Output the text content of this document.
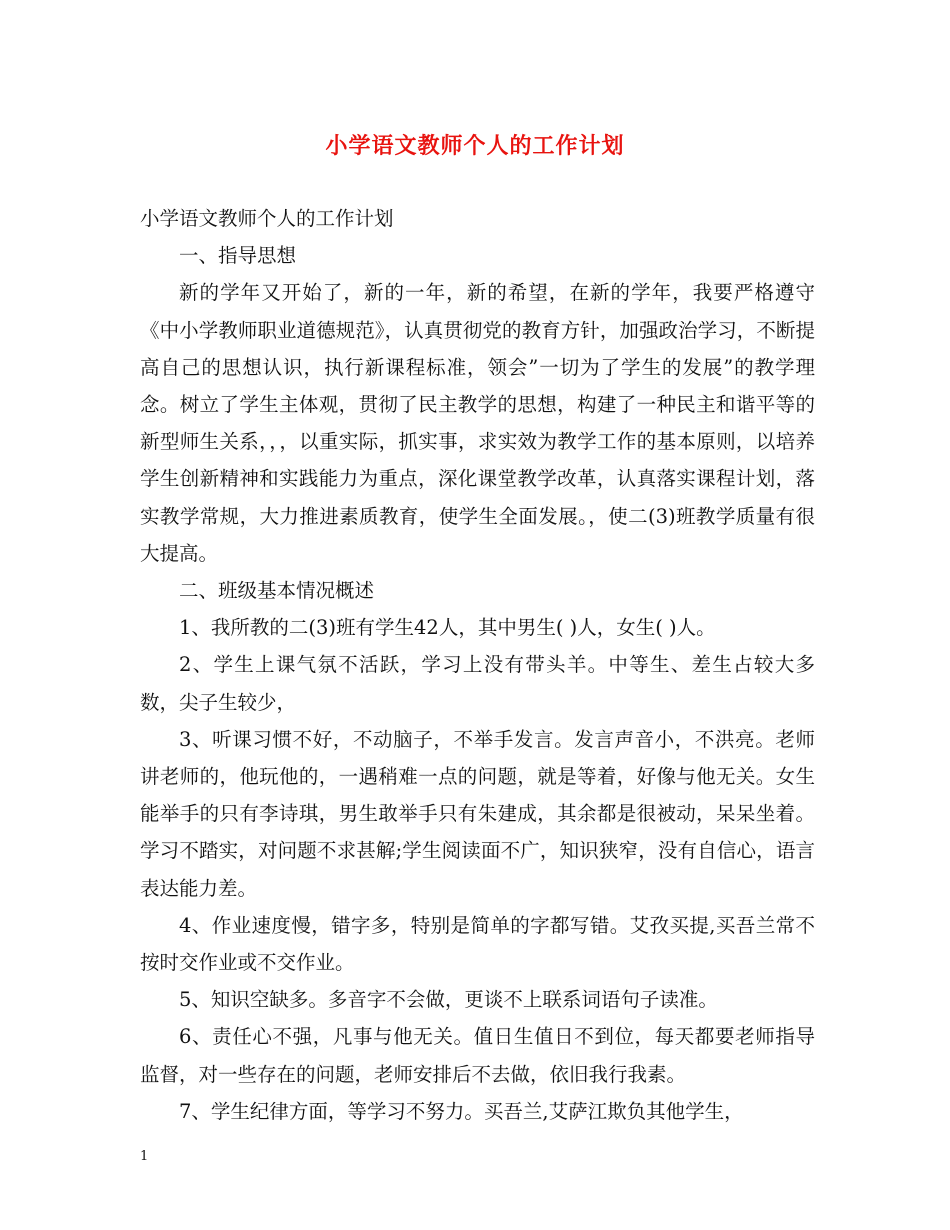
小学语文教师个人的工作计划

小学语文教师个人的工作计划

一、指导思想

新的学年又开始了，新的一年，新的希望，在新的学年，我要严格遵守《中小学教师职业道德规范》，认真贯彻党的教育方针，加强政治学习，不断提高自己的思想认识，执行新课程标准，领会”一切为了学生的发展”的教学理念。树立了学生主体观，贯彻了民主教学的思想，构建了一种民主和谐平等的新型师生关系，，，以重实际，抓实事，求实效为教学工作的基本原则，以培养学生创新精神和实践能力为重点，深化课堂教学改革，认真落实课程计划，落实教学常规，大力推进素质教育，使学生全面发展。，使二(3)班教学质量有很大提高。

二、班级基本情况概述

1、我所教的二(3)班有学生42人，其中男生( )人，女生( )人。

2、学生上课气氛不活跃，学习上没有带头羊。中等生、差生占较大多数，尖子生较少，

3、听课习惯不好，不动脑子，不举手发言。发言声音小，不洪亮。老师讲老师的，他玩他的，一遇稍难一点的问题，就是等着，好像与他无关。女生能举手的只有李诗琪，男生敢举手只有朱建成，其余都是很被动，呆呆坐着。学习不踏实，对问题不求甚解;学生阅读面不广，知识狭窄，没有自信心，语言表达能力差。

4、作业速度慢，错字多，特别是简单的字都写错。艾孜买提,买吾兰常不按时交作业或不交作业。

5、知识空缺多。多音字不会做，更谈不上联系词语句子读准。

6、责任心不强，凡事与他无关。值日生值日不到位，每天都要老师指导监督，对一些存在的问题，老师安排后不去做，依旧我行我素。

7、学生纪律方面，等学习不努力。买吾兰,艾萨江欺负其他学生，

1
